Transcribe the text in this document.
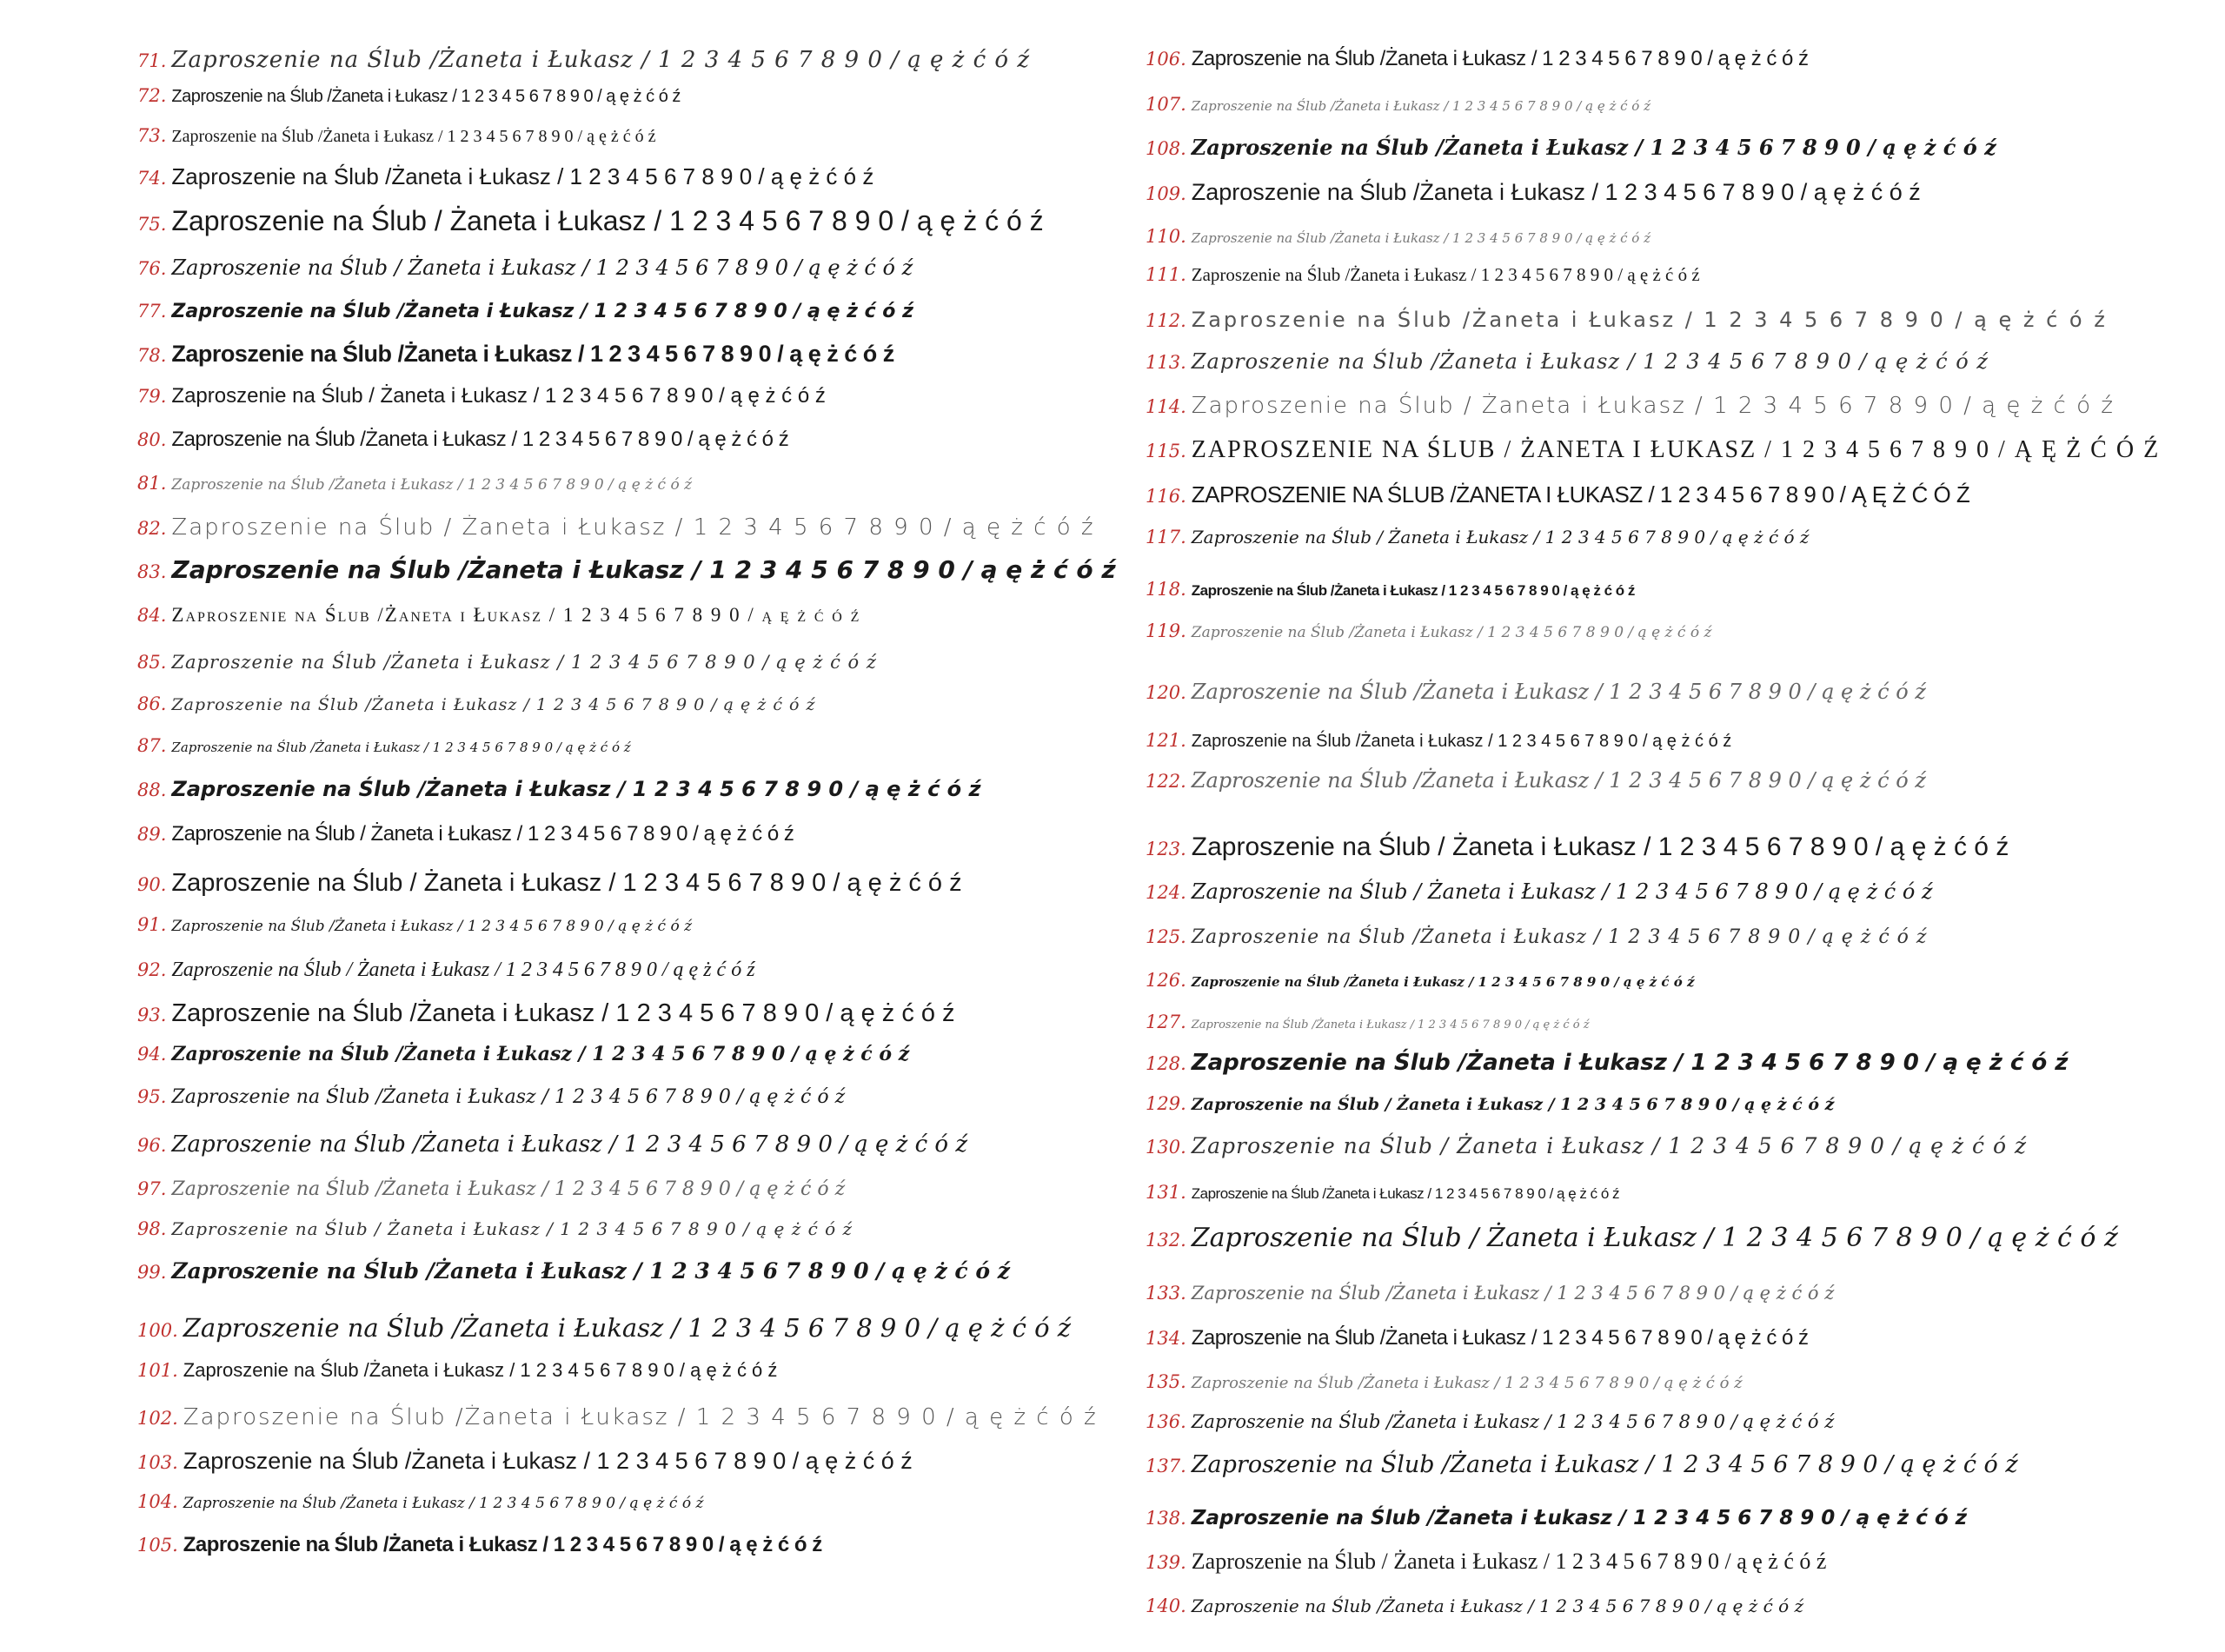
71. Zaproszenie na Ślub /Żaneta i Łukasz / 1 2 3 4 5 6 7 8 9 0 / ą ę ż ć ó ź
72. Zaproszenie na Ślub /Żaneta i Łukasz / 1 2 3 4 5 6 7 8 9 0 / ą ę ż ć ó ź
73. Zaproszenie na Ślub /Żaneta i Łukasz / 1 2 3 4 5 6 7 8 9 0 / ą ę ż ć ó ź
74. Zaproszenie na Ślub /Żaneta i Łukasz / 1 2 3 4 5 6 7 8 9 0 / ą ę ż ć ó ź
75. Zaproszenie na Ślub / Żaneta i Łukasz / 1 2 3 4 5 6 7 8 9 0 / ą ę ż ć ó ź
76. Zaproszenie na Ślub / Żaneta i Łukasz / 1 2 3 4 5 6 7 8 9 0 / ą ę ż ć ó ź
77. Zaproszenie na Ślub /Żaneta i Łukasz / 1 2 3 4 5 6 7 8 9 0 / ą ę ż ć ó ź
78. Zaproszenie na Ślub /Żaneta i Łukasz / 1 2 3 4 5 6 7 8 9 0 / ą ę ż ć ó ź
79. Zaproszenie na Ślub / Żaneta i Łukasz / 1 2 3 4 5 6 7 8 9 0 / ą ę ż ć ó ź
80. Zaproszenie na Ślub /Żaneta i Łukasz / 1 2 3 4 5 6 7 8 9 0 / ą ę ż ć ó ź
81. Zaproszenie na Ślub /Żaneta i Łukasz / 1 2 3 4 5 6 7 8 9 0 / ą ę ż ć ó ź
82. Zaproszenie na Ślub / Żaneta i Łukasz / 1 2 3 4 5 6 7 8 9 0 / ą ę ż ć ó ź
83. Zaproszenie na Ślub /Żaneta i Łukasz / 1 2 3 4 5 6 7 8 9 0 / ą ę ż ć ó ź
84. Zaproszenie na Ślub /Żaneta i Łukasz / 1 2 3 4 5 6 7 8 9 0 / ą ę ż ć ó ź
85. Zaproszenie na Ślub /Żaneta i Łukasz / 1 2 3 4 5 6 7 8 9 0 / ą ę ż ć ó ź
86. Zaproszenie na Ślub /Żaneta i Łukasz / 1 2 3 4 5 6 7 8 9 0 / ą ę ż ć ó ź
87. Zaproszenie na Ślub /Żaneta i Łukasz / 1 2 3 4 5 6 7 8 9 0 / ą ę ż ć ó ź
88. Zaproszenie na Ślub /Żaneta i Łukasz / 1 2 3 4 5 6 7 8 9 0 / ą ę ż ć ó ź
89. Zaproszenie na Ślub / Żaneta i Łukasz / 1 2 3 4 5 6 7 8 9 0 / ą ę ż ć ó ź
90. Zaproszenie na Ślub / Żaneta i Łukasz / 1 2 3 4 5 6 7 8 9 0 / ą ę ż ć ó ź
91. Zaproszenie na Ślub /Żaneta i Łukasz / 1 2 3 4 5 6 7 8 9 0 / ą ę ż ć ó ź
92. Zaproszenie na Ślub / Żaneta i Łukasz / 1 2 3 4 5 6 7 8 9 0 / ą ę ż ć ó ź
93. Zaproszenie na Ślub /Żaneta i Łukasz / 1 2 3 4 5 6 7 8 9 0 / ą ę ż ć ó ź
94. Zaproszenie na Ślub /Żaneta i Łukasz / 1 2 3 4 5 6 7 8 9 0 / ą ę ż ć ó ź
95. Zaproszenie na Ślub /Żaneta i Łukasz / 1 2 3 4 5 6 7 8 9 0 / ą ę ż ć ó ź
96. Zaproszenie na Ślub /Żaneta i Łukasz / 1 2 3 4 5 6 7 8 9 0 / ą ę ż ć ó ź
97. Zaproszenie na Ślub /Żaneta i Łukasz / 1 2 3 4 5 6 7 8 9 0 / ą ę ż ć ó ź
98. Zaproszenie na Ślub / Żaneta i Łukasz / 1 2 3 4 5 6 7 8 9 0 / ą ę ż ć ó ź
99. Zaproszenie na Ślub /Żaneta i Łukasz / 1 2 3 4 5 6 7 8 9 0 / ą ę ż ć ó ź
100. Zaproszenie na Ślub /Żaneta i Łukasz / 1 2 3 4 5 6 7 8 9 0 / ą ę ż ć ó ź
101. Zaproszenie na Ślub /Żaneta i Łukasz / 1 2 3 4 5 6 7 8 9 0 / ą ę ż ć ó ź
102. Zaproszenie na Ślub /Żaneta i Łukasz / 1 2 3 4 5 6 7 8 9 0 / ą ę ż ć ó ź
103. Zaproszenie na Ślub /Żaneta i Łukasz / 1 2 3 4 5 6 7 8 9 0 / ą ę ż ć ó ź
104. Zaproszenie na Ślub /Żaneta i Łukasz / 1 2 3 4 5 6 7 8 9 0 / ą ę ż ć ó ź
105. Zaproszenie na Ślub /Żaneta i Łukasz / 1 2 3 4 5 6 7 8 9 0 / ą ę ż ć ó ź
106. Zaproszenie na Ślub /Żaneta i Łukasz / 1 2 3 4 5 6 7 8 9 0 / ą ę ż ć ó ź
107. Zaproszenie na Ślub /Żaneta i Łukasz / 1 2 3 4 5 6 7 8 9 0 / ą ę ż ć ó ź
108. Zaproszenie na Ślub /Żaneta i Łukasz / 1 2 3 4 5 6 7 8 9 0 / ą ę ż ć ó ź
109. Zaproszenie na Ślub /Żaneta i Łukasz / 1 2 3 4 5 6 7 8 9 0 / ą ę ż ć ó ź
110. Zaproszenie na Ślub /Żaneta i Łukasz / 1 2 3 4 5 6 7 8 9 0 / ą ę ż ć ó ź
111. Zaproszenie na Ślub /Żaneta i Łukasz / 1 2 3 4 5 6 7 8 9 0 / ą ę ż ć ó ź
112. Zaproszenie na Ślub /Żaneta i Łukasz / 1 2 3 4 5 6 7 8 9 0 / ą ę ż ć ó ź
113. Zaproszenie na Ślub /Żaneta i Łukasz / 1 2 3 4 5 6 7 8 9 0 / ą ę ż ć ó ź
114. Zaproszenie na Ślub / Żaneta i Łukasz / 1 2 3 4 5 6 7 8 9 0 / ą ę ż ć ó ź
115. ZAPROSZENIE NA ŚLUB / ŻANETA I ŁUKASZ / 1 2 3 4 5 6 7 8 9 0 / Ą Ę Ż Ć Ó Ź
116. ZAPROSZENIE NA ŚLUB /ŻANETA I ŁUKASZ / 1 2 3 4 5 6 7 8 9 0 / Ą Ę Ż Ć Ó Ź
117. Zaproszenie na Ślub / Żaneta i Łukasz / 1 2 3 4 5 6 7 8 9 0 / ą ę ż ć ó ź
118. Zaproszenie na Ślub /Żaneta i Łukasz / 1 2 3 4 5 6 7 8 9 0 / ą ę ż ć ó ź
119. Zaproszenie na Ślub /Żaneta i Łukasz / 1 2 3 4 5 6 7 8 9 0 / ą ę ż ć ó ź
120. Zaproszenie na Ślub /Żaneta i Łukasz / 1 2 3 4 5 6 7 8 9 0 / ą ę ż ć ó ź
121. Zaproszenie na Ślub /Żaneta i Łukasz / 1 2 3 4 5 6 7 8 9 0 / ą ę ż ć ó ź
122. Zaproszenie na Ślub /Żaneta i Łukasz / 1 2 3 4 5 6 7 8 9 0 / ą ę ż ć ó ź
123. Zaproszenie na Ślub / Żaneta i Łukasz / 1 2 3 4 5 6 7 8 9 0 / ą ę ż ć ó ź
124. Zaproszenie na Ślub / Żaneta i Łukasz / 1 2 3 4 5 6 7 8 9 0 / ą ę ż ć ó ź
125. Zaproszenie na Ślub /Żaneta i Łukasz / 1 2 3 4 5 6 7 8 9 0 / ą ę ż ć ó ź
126. Zaproszenie na Ślub /Żaneta i Łukasz / 1 2 3 4 5 6 7 8 9 0 / ą ę ż ć ó ź
127. Zaproszenie na Ślub /Żaneta i Łukasz / 1 2 3 4 5 6 7 8 9 0 / ą ę ż ć ó ź
128. Zaproszenie na Ślub /Żaneta i Łukasz / 1 2 3 4 5 6 7 8 9 0 / ą ę ż ć ó ź
129. Zaproszenie na Ślub / Żaneta i Łukasz / 1 2 3 4 5 6 7 8 9 0 / ą ę ż ć ó ź
130. Zaproszenie na Ślub / Żaneta i Łukasz / 1 2 3 4 5 6 7 8 9 0 / ą ę ż ć ó ź
131. Zaproszenie na Ślub /Żaneta i Łukasz / 1 2 3 4 5 6 7 8 9 0 / ą ę ż ć ó ź
132. Zaproszenie na Ślub / Żaneta i Łukasz / 1 2 3 4 5 6 7 8 9 0 / ą ę ż ć ó ź
133. Zaproszenie na Ślub /Żaneta i Łukasz / 1 2 3 4 5 6 7 8 9 0 / ą ę ż ć ó ź
134. Zaproszenie na Ślub /Żaneta i Łukasz / 1 2 3 4 5 6 7 8 9 0 / ą ę ż ć ó ź
135. Zaproszenie na Ślub /Żaneta i Łukasz / 1 2 3 4 5 6 7 8 9 0 / ą ę ż ć ó ź
136. Zaproszenie na Ślub /Żaneta i Łukasz / 1 2 3 4 5 6 7 8 9 0 / ą ę ż ć ó ź
137. Zaproszenie na Ślub /Żaneta i Łukasz / 1 2 3 4 5 6 7 8 9 0 / ą ę ż ć ó ź
138. Zaproszenie na Ślub /Żaneta i Łukasz / 1 2 3 4 5 6 7 8 9 0 / ą ę ż ć ó ź
139. Zaproszenie na Ślub / Żaneta i Łukasz / 1 2 3 4 5 6 7 8 9 0 / ą ę ż ć ó ź
140. Zaproszenie na Ślub /Żaneta i Łukasz / 1 2 3 4 5 6 7 8 9 0 / ą ę ż ć ó ź
